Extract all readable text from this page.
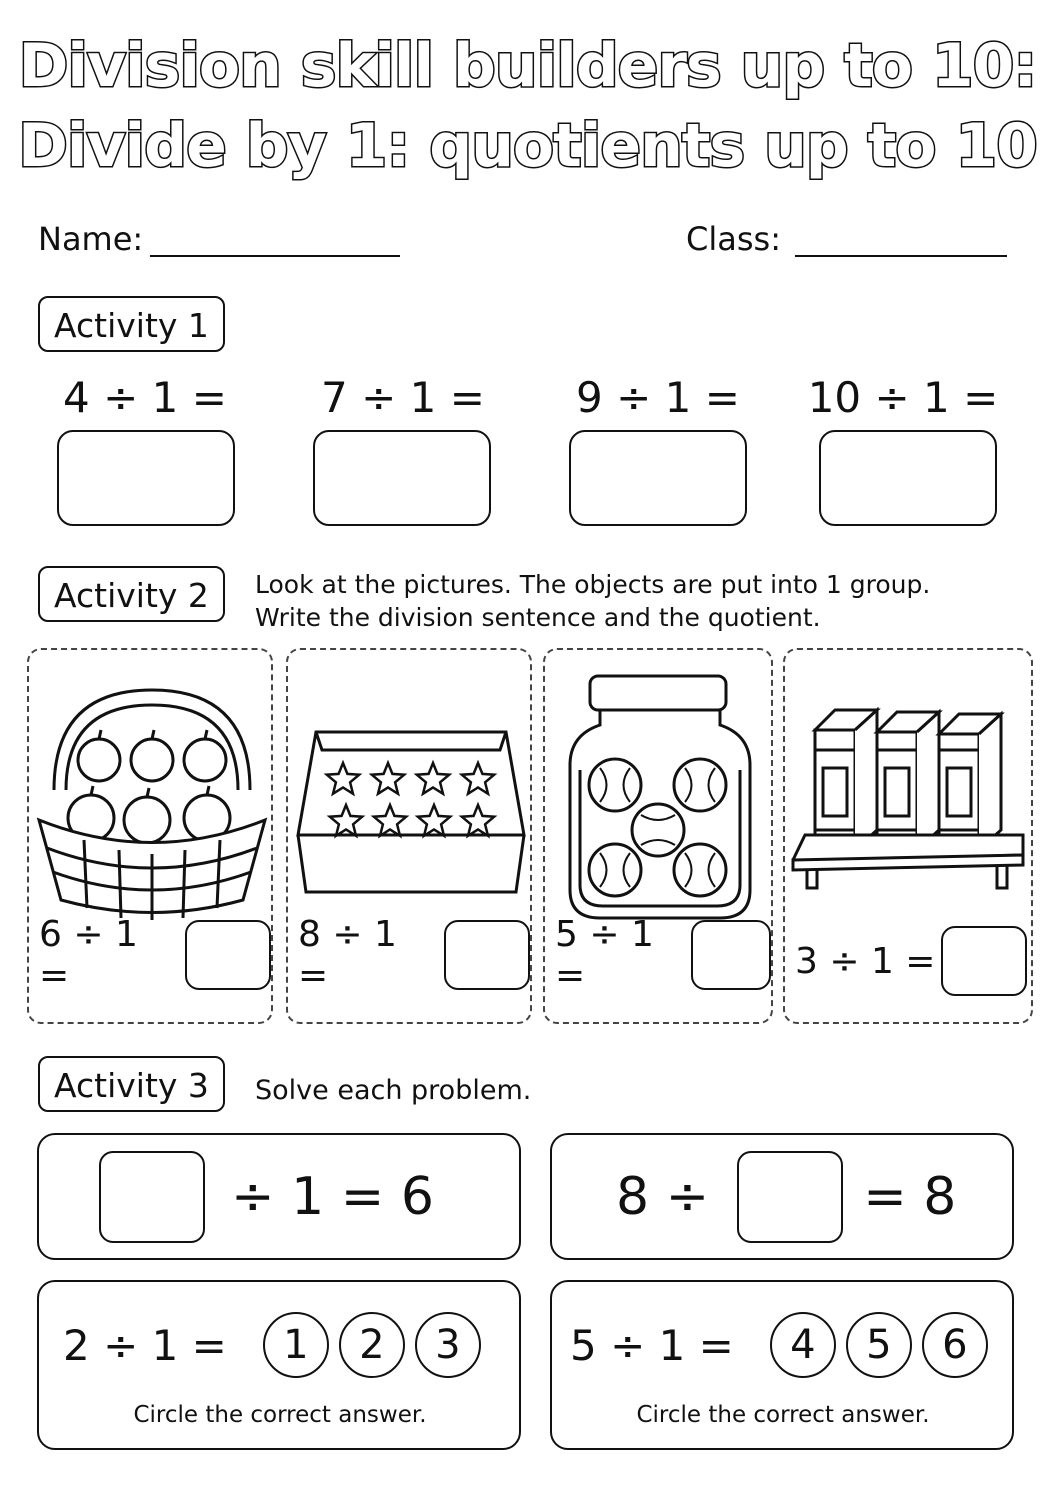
Division skill builders up to 10:
Divide by 1: quotients up to 10
Name:	Class:
Activity 1
4 ÷ 1 =	7 ÷ 1 =	9 ÷ 1 =	10 ÷ 1 =
Activity 2	Look at the pictures. The objects are put into 1 group.
Write the division sentence and the quotient.
6 ÷ 1 =
8 ÷ 1 =
5 ÷ 1 =	3 ÷ 1 =
Activity 3	Solve each problem.
÷ 1 = 6	8 ÷	= 8
2 ÷ 1 =	1	2	3
Circle the correct answer.
5 ÷ 1 =	4	5	6
Circle the correct answer.
